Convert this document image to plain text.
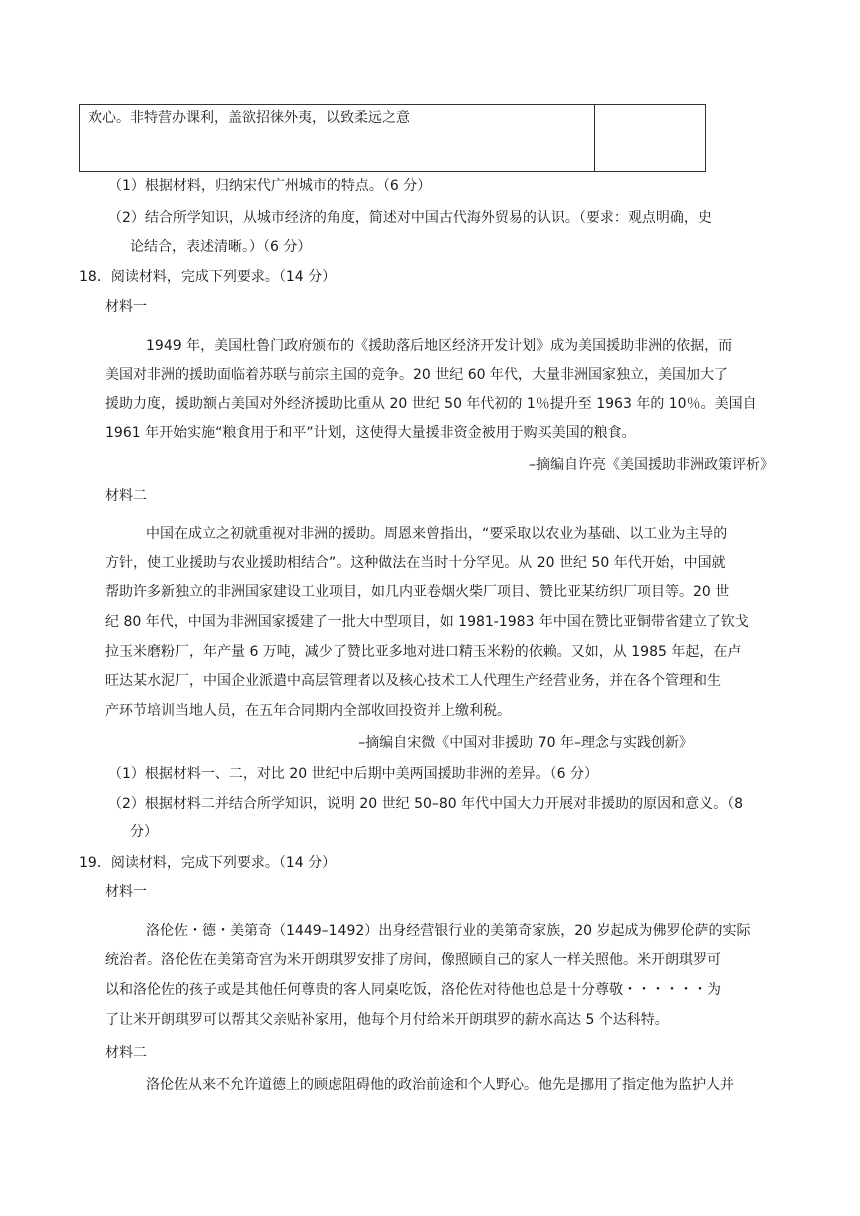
欢心。非特营办课利，盖欲招徕外夷，以致柔远之意
（1）根据材料，归纳宋代广州城市的特点。（6 分）
（2）结合所学知识，从城市经济的角度，简述对中国古代海外贸易的认识。（要求：观点明确，史
论结合，表述清晰。）（6 分）
18．阅读材料，完成下列要求。（14 分）
材料一
1949 年，美国杜鲁门政府颁布的《援助落后地区经济开发计划》成为美国援助非洲的依据，而
美国对非洲的援助面临着苏联与前宗主国的竞争。20 世纪 60 年代，大量非洲国家独立，美国加大了
援助力度，援助额占美国对外经济援助比重从 20 世纪 50 年代初的 1％提升至 1963 年的 10％。美国自
1961 年开始实施“粮食用于和平”计划，这使得大量援非资金被用于购买美国的粮食。
–摘编自许亮《美国援助非洲政策评析》
材料二
中国在成立之初就重视对非洲的援助。周恩来曾指出，“要采取以农业为基础、以工业为主导的
方针，使工业援助与农业援助相结合”。这种做法在当时十分罕见。从 20 世纪 50 年代开始，中国就
帮助许多新独立的非洲国家建设工业项目，如几内亚卷烟火柴厂项目、赞比亚某纺织厂项目等。20 世
纪 80 年代，中国为非洲国家援建了一批大中型项目，如 1981-1983 年中国在赞比亚铜带省建立了钦戈
拉玉米磨粉厂，年产量 6 万吨，减少了赞比亚多地对进口精玉米粉的依赖。又如，从 1985 年起，在卢
旺达某水泥厂，中国企业派遣中高层管理者以及核心技术工人代理生产经营业务，并在各个管理和生
产环节培训当地人员，在五年合同期内全部收回投资并上缴利税。
–摘编自宋微《中国对非援助 70 年–理念与实践创新》
（1）根据材料一、二，对比 20 世纪中后期中美两国援助非洲的差异。（6 分）
（2）根据材料二并结合所学知识，说明 20 世纪 50–80 年代中国大力开展对非援助的原因和意义。（8
分）
19．阅读材料，完成下列要求。（14 分）
材料一
洛伦佐・德・美第奇（1449–1492）出身经营银行业的美第奇家族，20 岁起成为佛罗伦萨的实际
统治者。洛伦佐在美第奇宫为米开朗琪罗安排了房间，像照顾自己的家人一样关照他。米开朗琪罗可
以和洛伦佐的孩子或是其他任何尊贵的客人同桌吃饭，洛伦佐对待他也总是十分尊敬・・・・・・为
了让米开朗琪罗可以帮其父亲贴补家用，他每个月付给米开朗琪罗的薪水高达 5 个达科特。
材料二
洛伦佐从来不允许道德上的顾虑阻碍他的政治前途和个人野心。他先是挪用了指定他为监护人并
